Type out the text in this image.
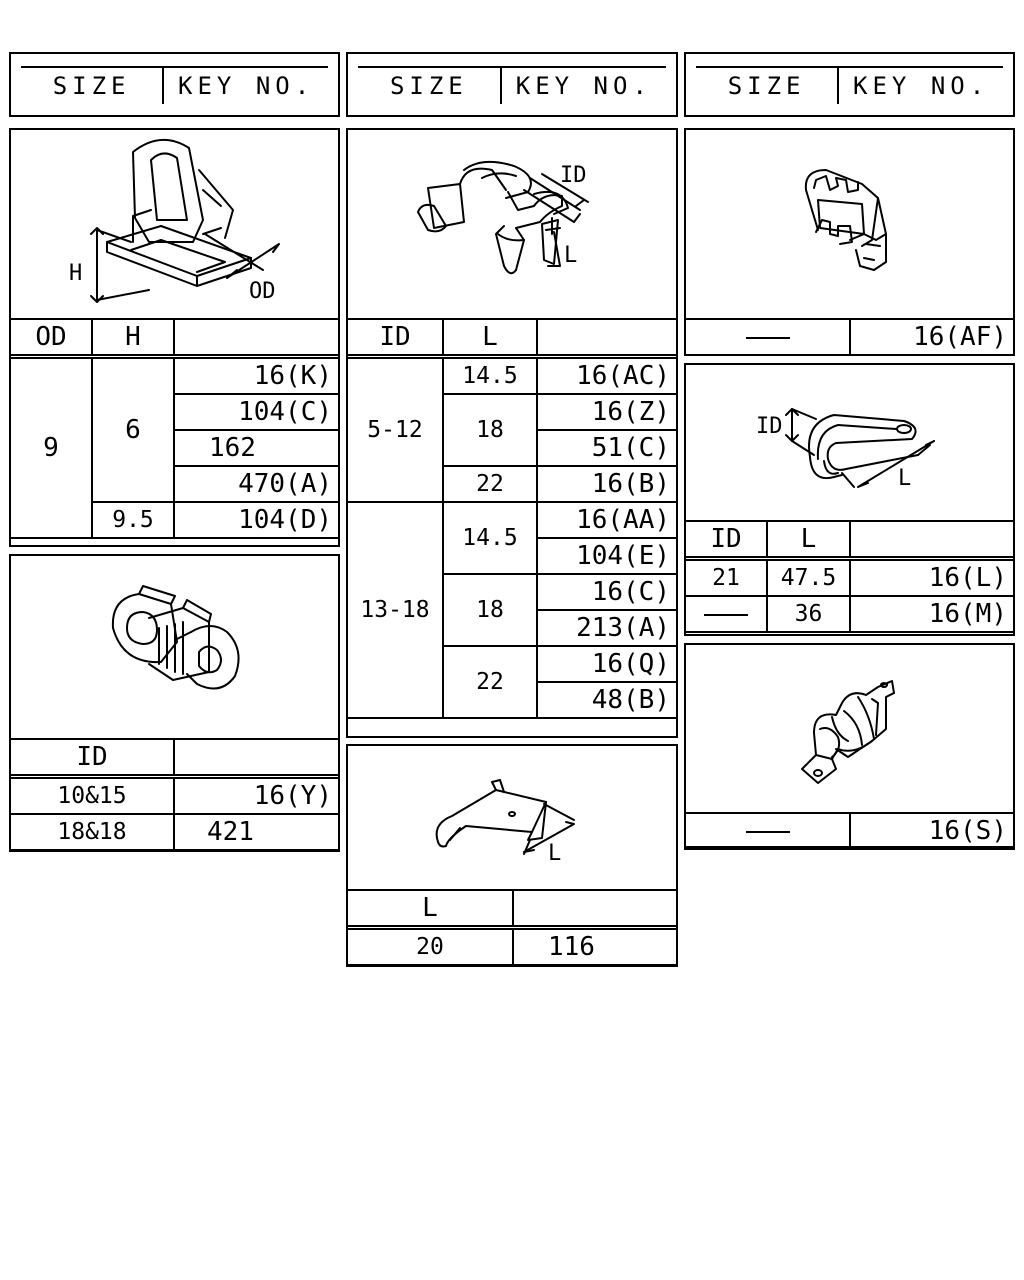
SIZE	KEY NO.	SIZE	KEY NO.	SIZE	KEY NO.
H
OD
OD	H	
9	6	16(K)
		104(C)
		162
		470(A)
	9.5	104(D)
ID	
10&15	16(Y)
18&18	421
ID
L
ID	L	
5-12	14.5	16(AC)
	18	16(Z)
		51(C)
	22	16(B)
13-18	14.5	16(AA)
		104(E)
	18	16(C)
		213(A)
	22	16(Q)
		48(B)
L
L	
20	116
	16(AF)
ID
L
ID	L	
21	47.5	16(L)
	36	16(M)
	16(S)
